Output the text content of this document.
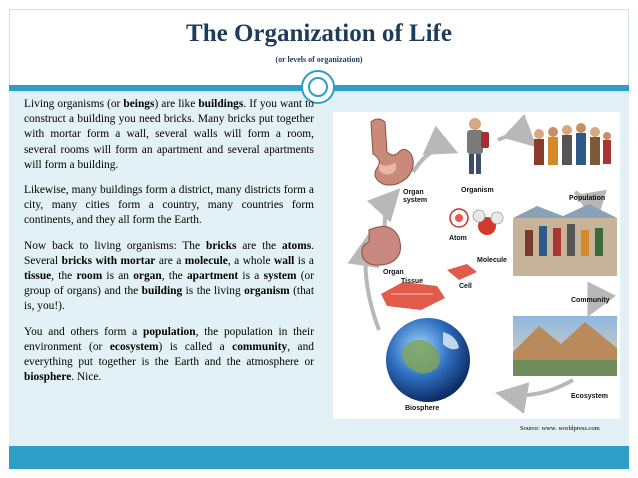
The Organization of Life
(or levels of organization)

Living organisms (or beings) are like buildings. If you want to construct a building you need bricks. Many bricks put together with mortar form a wall, several walls will form a room, several rooms will form an apartment and several apartments will form a building.

Likewise, many buildings form a district, many districts form a city, many cities form a country, many countries form continents, and they all form the Earth.

Now back to living organisms: The bricks are the atoms. Several bricks with mortar are a molecule, a whole wall is a tissue, the room is an organ, the apartment is a system (or group of organs) and the building is the living organism (that is, you!).

You and others form a population, the population in their environment (or ecosystem) is called a community, and everything put together is the Earth and the atmosphere or biosphere. Nice.

Organ
system
Organism
Population
Atom
Molecule
Organ
Tissue
Cell
Community
Biosphere
Ecosystem
Source: www. worldpress.com
